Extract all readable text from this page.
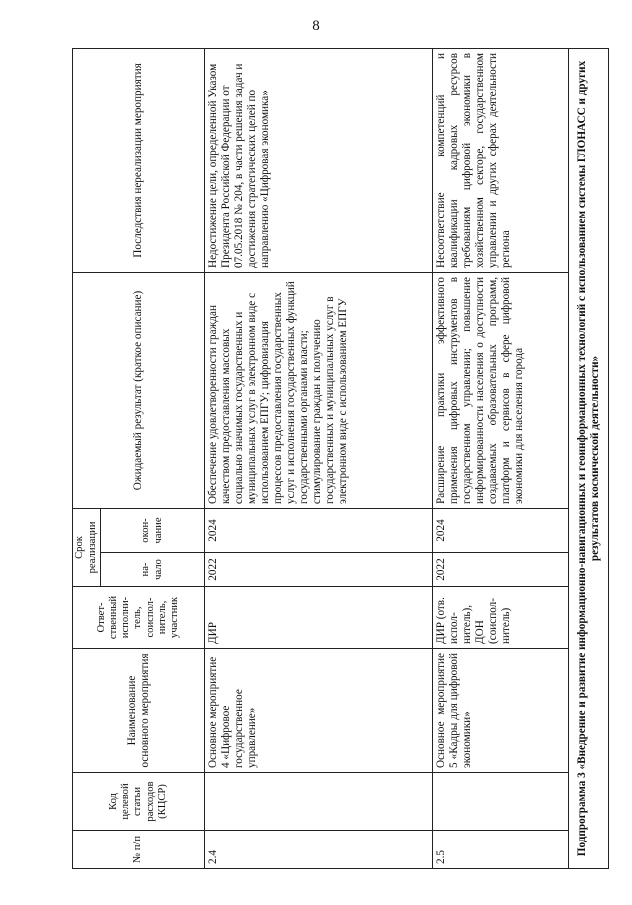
8
№ п/п	Код целевой статьи расходов (КЦСР)	Наименование основного мероприятия	Ответ-ственный исполни-тель, соиспол-нитель, участник	Срок реализации		Ожидаемый результат (краткое описание)	Последствия нереализации мероприятия
				на-чало	окон-чание		
2.4		Основное мероприятие 4 «Цифровое государственное управление»	ДИР	2022	2024	Обеспечение удовлетворенности граждан качеством предоставления массовых социально значимых государственных и муниципальных услуг в электронном виде с использованием ЕПГУ; цифровизация процессов предоставления государственных услуг и исполнения государственных функций государственными органами власти; стимулирование граждан к получению государственных и муниципальных услуг в электронном виде с использованием ЕПГУ	Недостижение цели, определенной Указом Президента Российской Федерации от 07.05.2018 № 204, в части решения задач и достижения стратегических целей по направлению «Цифровая экономика»
2.5		Основное мероприятие 5 «Кадры для цифровой экономики»	ДИР (отв. испол-нитель), ДОН (соиспол-нитель)	2022	2024	Расширение практики эффективного применения цифровых инструментов в государственном управлении; повышение информированности населения о доступности создаваемых образовательных программ, платформ и сервисов в сфере цифровой экономики для населения города	Несоответствие компетенций и квалификации кадровых ресурсов требованиям цифровой экономики в хозяйственном секторе, государственном управлении и других сферах деятельности региона
Подпрограмма 3 «Внедрение и развитие информационно-навигационных и геоинформационных технологий с использованием системы ГЛОНАСС и других результатов космической деятельности»							
